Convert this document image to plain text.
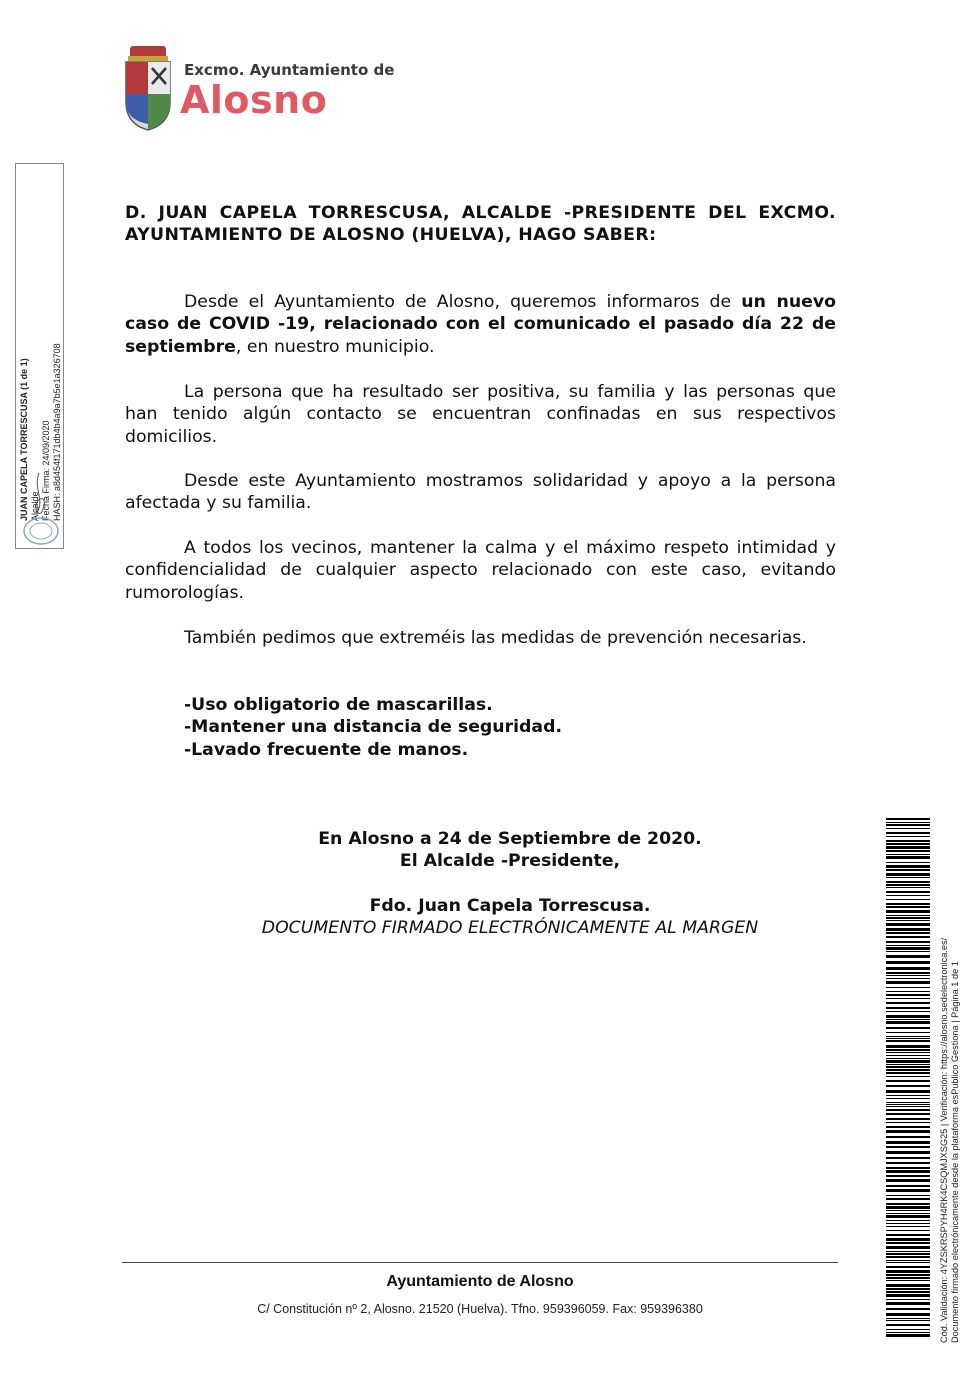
Excmo. Ayuntamiento de
Alosno
JUAN CAPELA TORRESCUSA (1 de 1) Alcalde Fecha Firma: 24/09/2020 HASH: a8d454f171db4b4a9a7b5e1a326708
D. JUAN CAPELA TORRESCUSA, ALCALDE -PRESIDENTE DEL EXCMO. AYUNTAMIENTO DE ALOSNO (HUELVA), HAGO SABER:
Desde el Ayuntamiento de Alosno, queremos informaros de un nuevo caso de COVID -19, relacionado con el comunicado el pasado día 22 de septiembre, en nuestro municipio.
La persona que ha resultado ser positiva, su familia y las personas que han tenido algún contacto se encuentran confinadas en sus respectivos domicilios.
Desde este Ayuntamiento mostramos solidaridad y apoyo a la persona afectada y su familia.
A todos los vecinos, mantener la calma y el máximo respeto intimidad y confidencialidad de cualquier aspecto relacionado con este caso, evitando rumorologías.
También pedimos que extreméis las medidas de prevención necesarias.
-Uso obligatorio de mascarillas.
-Mantener una distancia de seguridad.
-Lavado frecuente de manos.
En Alosno a 24 de Septiembre de 2020.
El Alcalde -Presidente,
Fdo. Juan Capela Torrescusa.
DOCUMENTO FIRMADO ELECTRÓNICAMENTE AL MARGEN
Ayuntamiento de Alosno
C/ Constitución nº 2, Alosno. 21520 (Huelva). Tfno. 959396059. Fax: 959396380	Cód. Validación: 4YZSKRSPYH4RK4CSQMJXSG25 | Verificación: https://alosno.sedelectronica.es/ Documento firmado electrónicamente desde la plataforma esPublico Gestiona | Página 1 de 1
